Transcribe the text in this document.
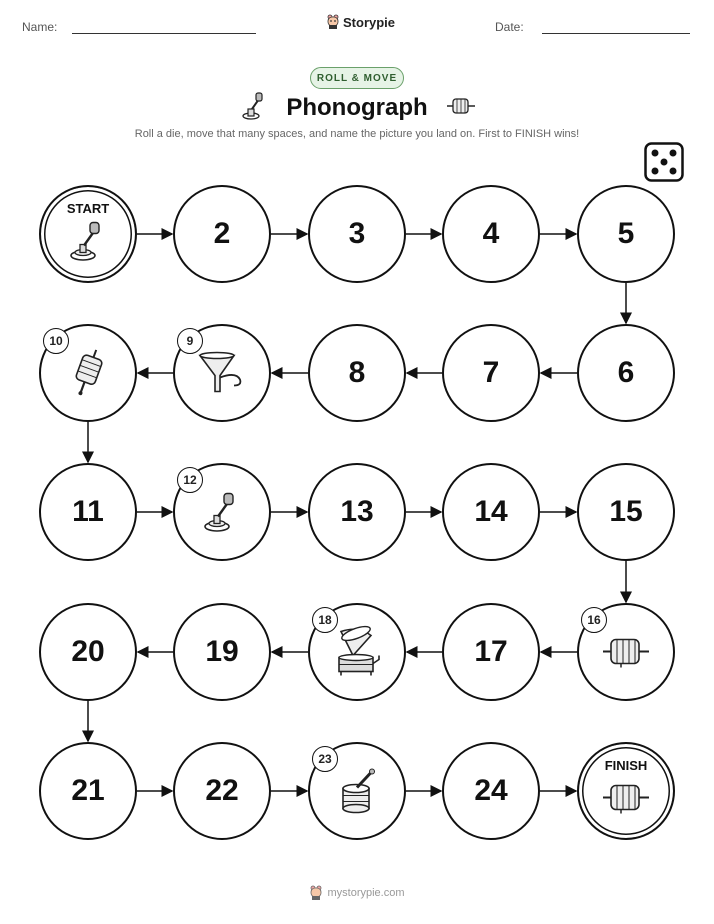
Name:	Date:
Storypie
ROLL & MOVE
Phonograph
Roll a die, move that many spaces, and name the picture you land on. First to FINISH wins!
START
2	3	4	5
6
7
8
9
10
11
12
13	14	15
16
17
18
19
20
21	22
23
24
FINISH
mystorypie.com
